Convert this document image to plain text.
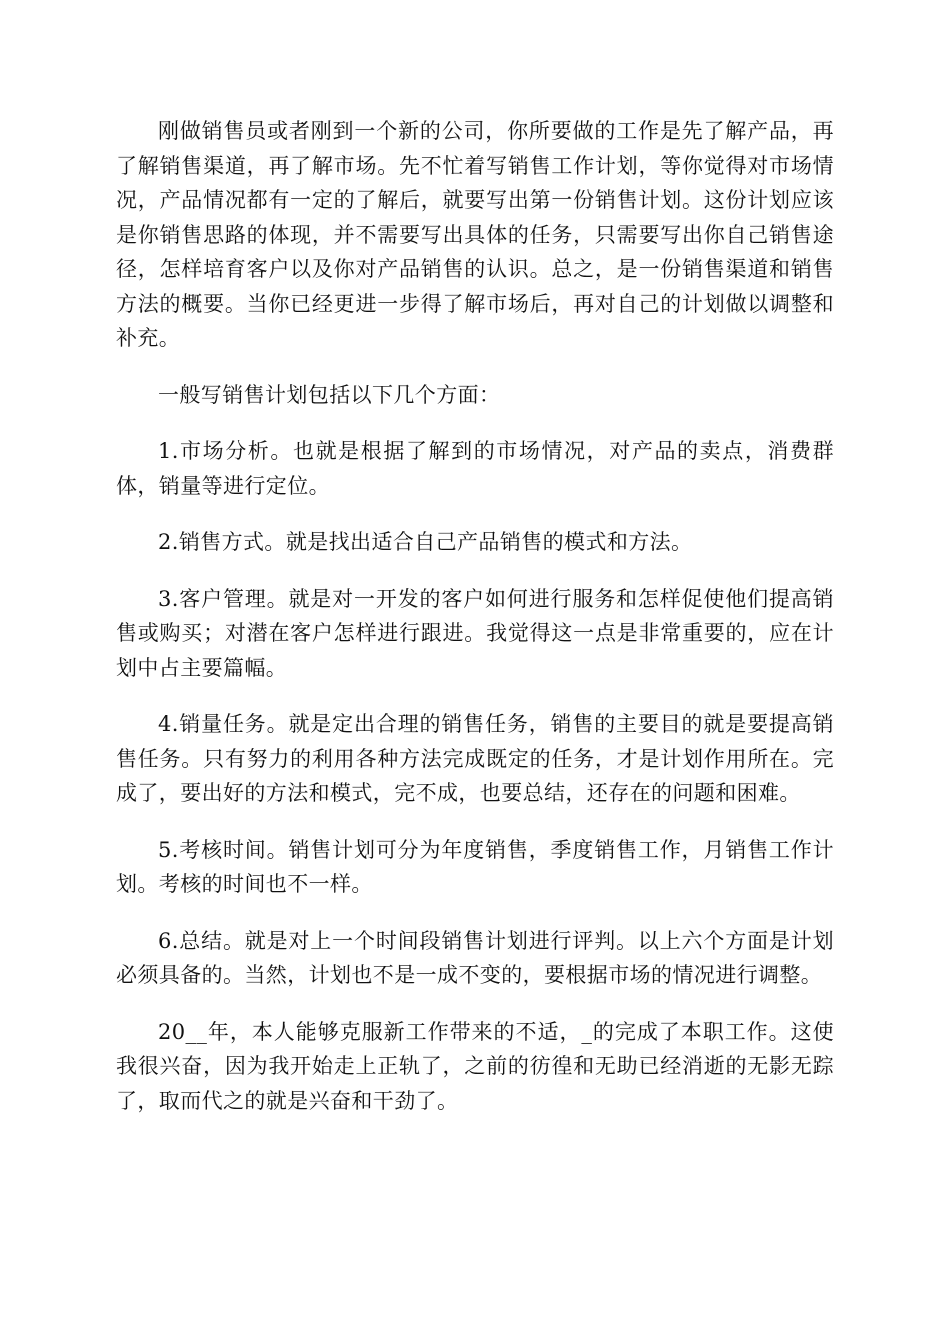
刚做销售员或者刚到一个新的公司，你所要做的工作是先了解产品，再了解销售渠道，再了解市场。先不忙着写销售工作计划，等你觉得对市场情况，产品情况都有一定的了解后，就要写出第一份销售计划。这份计划应该是你销售思路的体现，并不需要写出具体的任务，只需要写出你自己销售途径，怎样培育客户以及你对产品销售的认识。总之，是一份销售渠道和销售方法的概要。当你已经更进一步得了解市场后，再对自己的计划做以调整和补充。

一般写销售计划包括以下几个方面：

1.市场分析。也就是根据了解到的市场情况，对产品的卖点，消费群体，销量等进行定位。

2.销售方式。就是找出适合自己产品销售的模式和方法。

3.客户管理。就是对一开发的客户如何进行服务和怎样促使他们提高销售或购买；对潜在客户怎样进行跟进。我觉得这一点是非常重要的，应在计划中占主要篇幅。

4.销量任务。就是定出合理的销售任务，销售的主要目的就是要提高销售任务。只有努力的利用各种方法完成既定的任务，才是计划作用所在。完成了，要出好的方法和模式，完不成，也要总结，还存在的问题和困难。

5.考核时间。销售计划可分为年度销售，季度销售工作，月销售工作计划。考核的时间也不一样。

6.总结。就是对上一个时间段销售计划进行评判。以上六个方面是计划必须具备的。当然，计划也不是一成不变的，要根据市场的情况进行调整。

20__年，本人能够克服新工作带来的不适，_的完成了本职工作。这使我很兴奋，因为我开始走上正轨了，之前的彷徨和无助已经消逝的无影无踪了，取而代之的就是兴奋和干劲了。
